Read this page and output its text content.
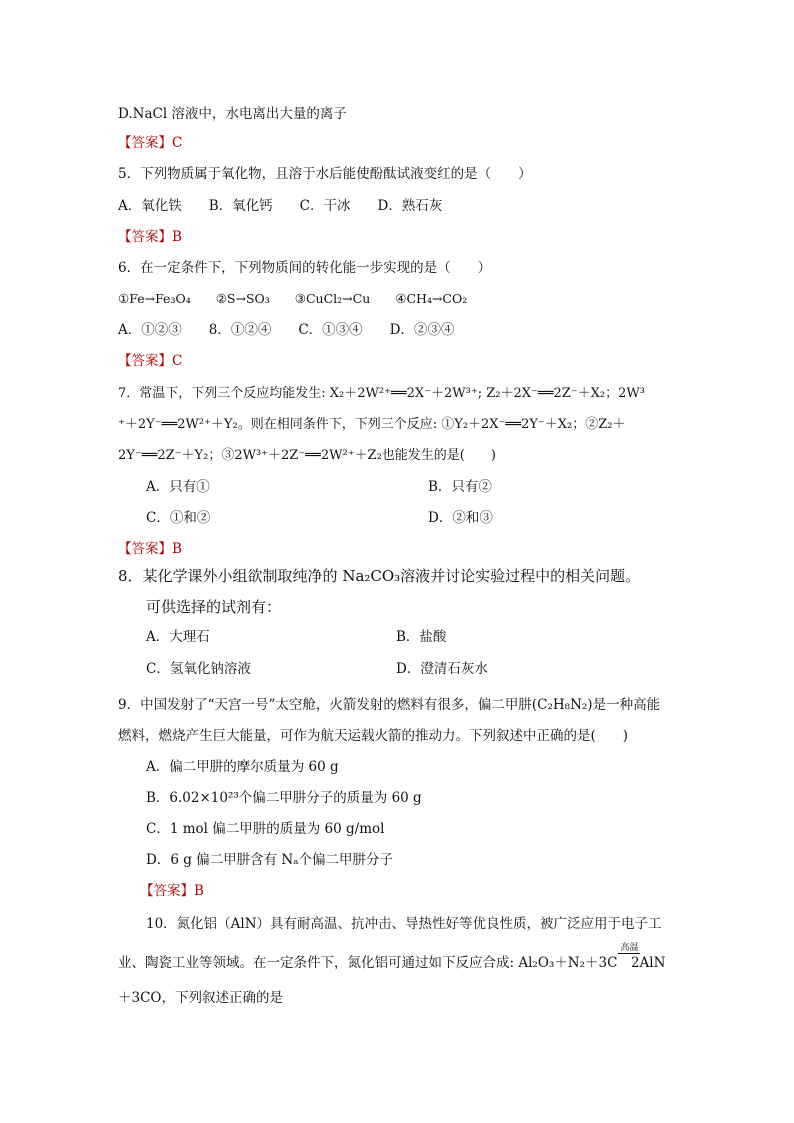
D.NaCl 溶液中，水电离出大量的离子
【答案】C
5．下列物质属于氧化物，且溶于水后能使酚酞试液变红的是（　　）
A．氧化铁　　B．氧化钙　　C．干冰　　D．熟石灰
【答案】B
6．在一定条件下，下列物质间的转化能一步实现的是（　　）
①Fe→Fe₃O₄　　②S→SO₃　　③CuCl₂→Cu　　④CH₄→CO₂
A．①②③　　8．①②④　　C．①③④　　D．②③④
【答案】C
7．常温下，下列三个反应均能发生: X₂＋2W²⁺══2X⁻＋2W³⁺; Z₂＋2X⁻══2Z⁻＋X₂；2W³
⁺＋2Y⁻══2W²⁺＋Y₂。则在相同条件下，下列三个反应: ①Y₂＋2X⁻══2Y⁻＋X₂；②Z₂＋
2Y⁻══2Z⁻＋Y₂；③2W³⁺＋2Z⁻══2W²⁺＋Z₂也能发生的是(　　)
A．只有①	B．只有②
C．①和②	D．②和③
【答案】B
8．某化学课外小组欲制取纯净的 Na₂CO₃溶液并讨论实验过程中的相关问题。
可供选择的试剂有：
A．大理石	B．盐酸
C．氢氧化钠溶液	D．澄清石灰水
9．中国发射了“天宫一号”太空舱，火箭发射的燃料有很多，偏二甲肼(C₂H₈N₂)是一种高能
燃料，燃烧产生巨大能量，可作为航天运载火箭的推动力。下列叙述中正确的是(　　)
A．偏二甲肼的摩尔质量为 60 g
B．6.02×10²³个偏二甲肼分子的质量为 60 g
C．1 mol 偏二甲肼的质量为 60 g/mol
D．6 g 偏二甲肼含有 Nₐ个偏二甲肼分子
【答案】B
10．氮化铝（AlN）具有耐高温、抗冲击、导热性好等优良性质，被广泛应用于电子工
业、陶瓷工业等领域。在一定条件下，氮化铝可通过如下反应合成: Al₂O₃＋N₂＋3C
高温
     2AlN
＋3CO，下列叙述正确的是
